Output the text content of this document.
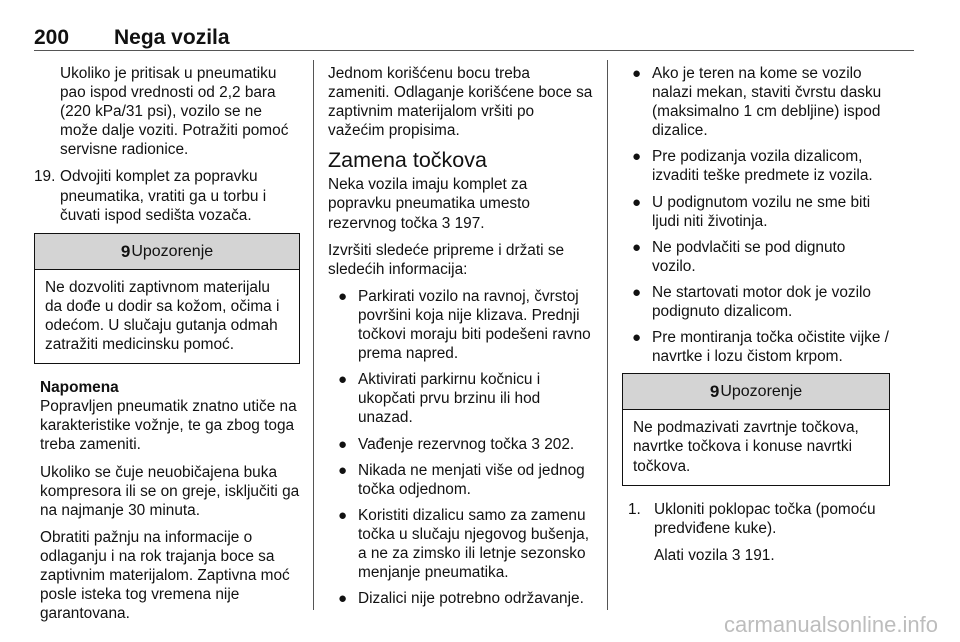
200 Nega vozila

Ukoliko je pritisak u pneumatiku pao ispod vrednosti od 2,2 bara (220 kPa/31 psi), vozilo se ne može dalje voziti. Potražiti pomoć servisne radionice.

19. Odvojiti komplet za popravku pneumatika, vratiti ga u torbu i čuvati ispod sedišta vozača.
9 Upozorenje
Ne dozvoliti zaptivnom materijalu da dođe u dodir sa kožom, očima i odećom. U slučaju gutanja odmah zatražiti medicinsku pomoć.
Napomena

Popravljen pneumatik znatno utiče na karakteristike vožnje, te ga zbog toga treba zameniti.

Ukoliko se čuje neuobičajena buka kompresora ili se on greje, isključiti ga na najmanje 30 minuta.

Obratiti pažnju na informacije o odlaganju i na rok trajanja boce sa zaptivnim materijalom. Zaptivna moć posle isteka tog vremena nije garantovana.

Jednom korišćenu bocu treba zameniti. Odlaganje korišćene boce sa zaptivnim materijalom vršiti po važećim propisima.

Zamena točkova

Neka vozila imaju komplet za popravku pneumatika umesto rezervnog točka 3 197.

Izvršiti sledeće pripreme i držati se sledećih informacija:

● Parkirati vozilo na ravnoj, čvrstoj površini koja nije klizava. Prednji točkovi moraju biti podešeni ravno prema napred.
● Aktivirati parkirnu kočnicu i ukopčati prvu brzinu ili hod unazad.
● Vađenje rezervnog točka 3 202.
● Nikada ne menjati više od jednog točka odjednom.
● Koristiti dizalicu samo za zamenu točka u slučaju njegovog bušenja, a ne za zimsko ili letnje sezonsko menjanje pneumatika.
● Dizalici nije potrebno održavanje.
● Ako je teren na kome se vozilo nalazi mekan, staviti čvrstu dasku (maksimalno 1 cm debljine) ispod dizalice.
● Pre podizanja vozila dizalicom, izvaditi teške predmete iz vozila.
● U podignutom vozilu ne sme biti ljudi niti životinja.
● Ne podvlačiti se pod dignuto vozilo.
● Ne startovati motor dok je vozilo podignuto dizalicom.
● Pre montiranja točka očistite vijke / navrtke i lozu čistom krpom.
9 Upozorenje
Ne podmazivati zavrtnje točkova, navrtke točkova i konuse navrtki točkova.
1. Ukloniti poklopac točka (pomoću predviđene kuke).

Alati vozila 3 191.

carmanualsonline.info
